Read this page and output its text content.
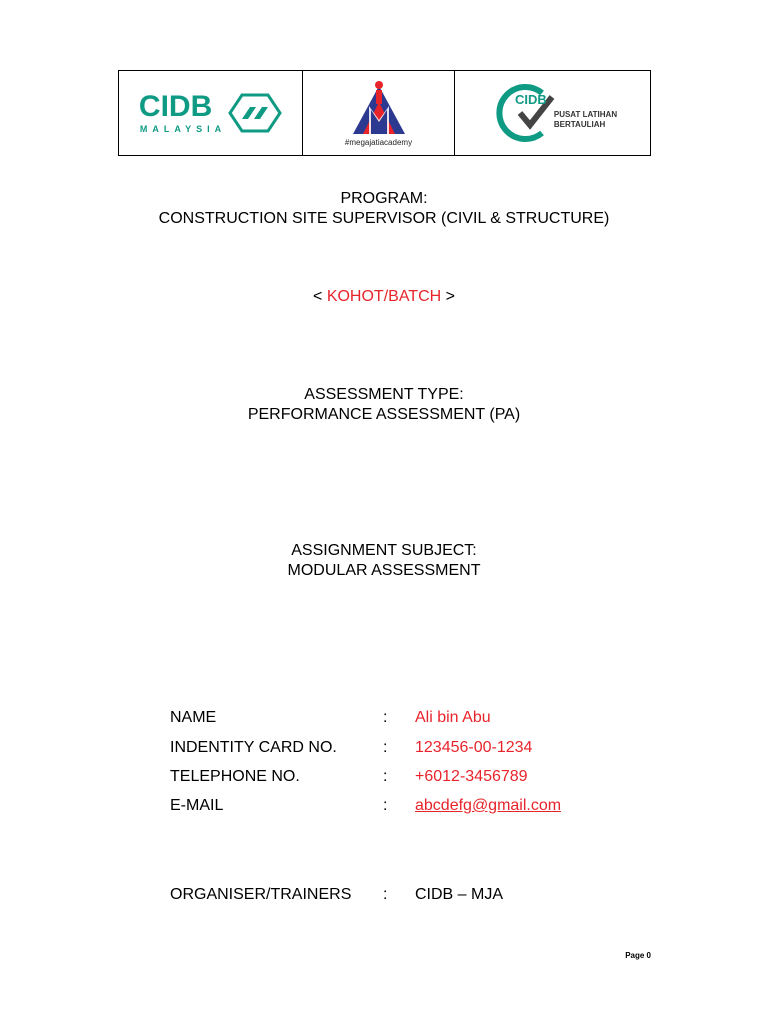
CIDB
MALAYSIA
#megajatiacademy
PUSAT LATIHAN
BERTAULIAH
CIDB
PROGRAM:
CONSTRUCTION SITE SUPERVISOR (CIVIL & STRUCTURE)
< KOHOT/BATCH >
ASSESSMENT TYPE:
PERFORMANCE ASSESSMENT (PA)
ASSIGNMENT SUBJECT:
MODULAR ASSESSMENT
NAME	: Ali bin Abu
INDENTITY CARD NO.	: 123456-00-1234
TELEPHONE NO.	: +6012-3456789
E-MAIL	: abcdefg@gmail.com
ORGANISER/TRAINERS : CIDB – MJA
Page 0
